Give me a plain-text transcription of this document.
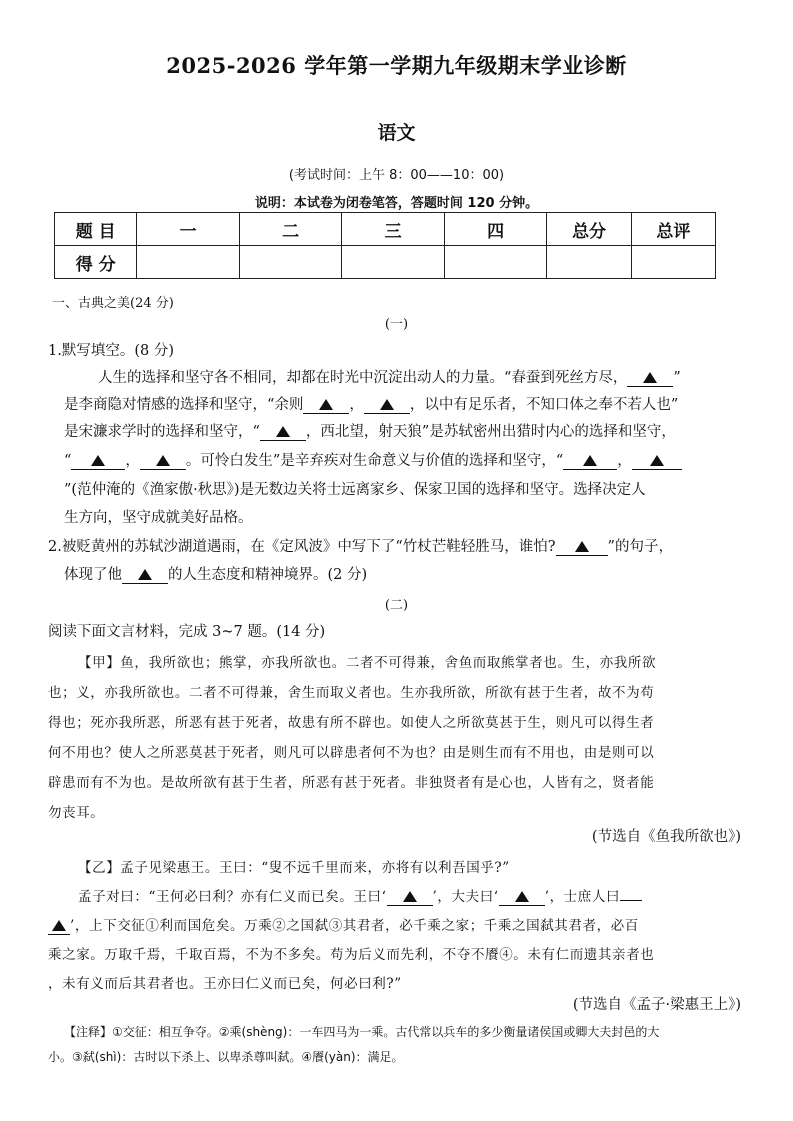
2025-2026 学年第一学期九年级期末学业诊断
语文
(考试时间：上午 8：00——10：00)
说明：本试卷为闭卷笔答，答题时间 120 分钟。
题 目	一	二	三	四	总分	总评
得 分						
一、古典之美(24 分)
(一)
1.默写填空。(8 分)
人生的选择和坚守各不相同，却都在时光中沉淀出动人的力量。“春蚕到死丝方尽，	”
是李商隐对情感的选择和坚守，“余则	，	，以中有足乐者，不知口体之奉不若人也”
是宋濂求学时的选择和坚守，“	，西北望，射天狼”是苏轼密州出猎时内心的选择和坚守，
“	，	。可怜白发生”是辛弃疾对生命意义与价值的选择和坚守，“	，
”(范仲淹的《渔家傲·秋思》)是无数边关将士远离家乡、保家卫国的选择和坚守。选择决定人
生方向，坚守成就美好品格。
2.被贬黄州的苏轼沙湖道遇雨，在《定风波》中写下了“竹杖芒鞋轻胜马，谁怕?	”的句子，
体现了他	的人生态度和精神境界。(2 分)
(二)
阅读下面文言材料，完成 3~7 题。(14 分)
【甲】鱼，我所欲也；熊掌，亦我所欲也。二者不可得兼，舍鱼而取熊掌者也。生，亦我所欲
也；义，亦我所欲也。二者不可得兼，舍生而取义者也。生亦我所欲，所欲有甚于生者，故不为苟
得也；死亦我所恶，所恶有甚于死者，故患有所不辟也。如使人之所欲莫甚于生，则凡可以得生者
何不用也？使人之所恶莫甚于死者，则凡可以辟患者何不为也？由是则生而有不用也，由是则可以
辟患而有不为也。是故所欲有甚于生者，所恶有甚于死者。非独贤者有是心也，人皆有之，贤者能
勿丧耳。
(节选自《鱼我所欲也》)
【乙】孟子见梁惠王。王曰：“叟不远千里而来，亦将有以利吾国乎?”
孟子对曰：“王何必曰利？亦有仁义而已矣。王曰‘	’，大夫曰‘	’，士庶人曰
’，上下交征①利而国危矣。万乘②之国弑③其君者，必千乘之家；千乘之国弑其君者，必百
乘之家。万取千焉，千取百焉，不为不多矣。苟为后义而先利，不夺不餍④。未有仁而遗其亲者也
，未有义而后其君者也。王亦曰仁义而已矣，何必曰利?”
(节选自《孟子·梁惠王上》)
【注释】①交征：相互争夺。②乘(shèng)：一车四马为一乘。古代常以兵车的多少衡量诸侯国或卿大夫封邑的大
小。③弑(shì)：古时以下杀上、以卑杀尊叫弑。④餍(yàn)：满足。
